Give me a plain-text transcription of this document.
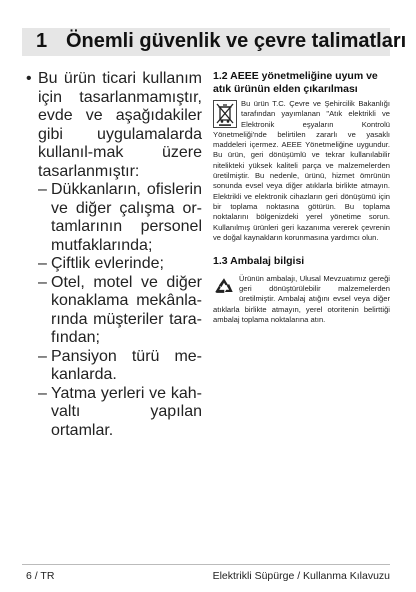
1 Önemli güvenlik ve çevre talimatları
• Bu ürün ticari kullanım için tasarlanmamıştır, evde ve aşağıdakiler gibi uygulamalarda kullanıl-mak üzere tasarlanmıştır:
– Dükkanların, ofislerin ve diğer çalışma or-tamlarının personel mutfaklarında;
– Çiftlik evlerinde;
– Otel, motel ve diğer konaklama mekânla-rında müşteriler tara-fından;
– Pansiyon türü me-kanlarda.
– Yatma yerleri ve kah-valtı yapılan ortamlar.
1.2 AEEE yönetmeliğine uyum ve atık ürünün elden çıkarılması
Bu ürün T.C. Çevre ve Şehircilik Bakanlığı tarafından yayımlanan "Atık elektrikli ve Elektronik eşyaların Kontrolü Yönetmeliği'nde belirtilen zararlı ve yasaklı maddeleri içermez. AEEE Yönetmeliğine uygundur. Bu ürün, geri dönüşümlü ve tekrar kullanılabilir nitelikteki yüksek kaliteli parça ve malzemelerden üretilmiştir. Bu nedenle, ürünü, hizmet ömrünün sonunda evsel veya diğer atıklarla birlikte atmayın. Elektrikli ve elektronik cihazların geri dönüşümü için bir toplama noktasına götürün. Bu toplama noktalarını bölgenizdeki yerel yönetime sorun. Kullanılmış ürünleri geri kazanıma vererek çevrenin ve doğal kaynakların korunmasına yardımcı olun.
1.3 Ambalaj bilgisi
Ürünün ambalajı, Ulusal Mevzuatımız gereği geri dönüştürülebilir malzemelerden üretilmiştir. Ambalaj atığını evsel veya diğer atıklarla birlikte atmayın, yerel otoritenin belirttiği ambalaj toplama noktalarına atın.
6 / TR	Elektrikli Süpürge / Kullanma Kılavuzu
